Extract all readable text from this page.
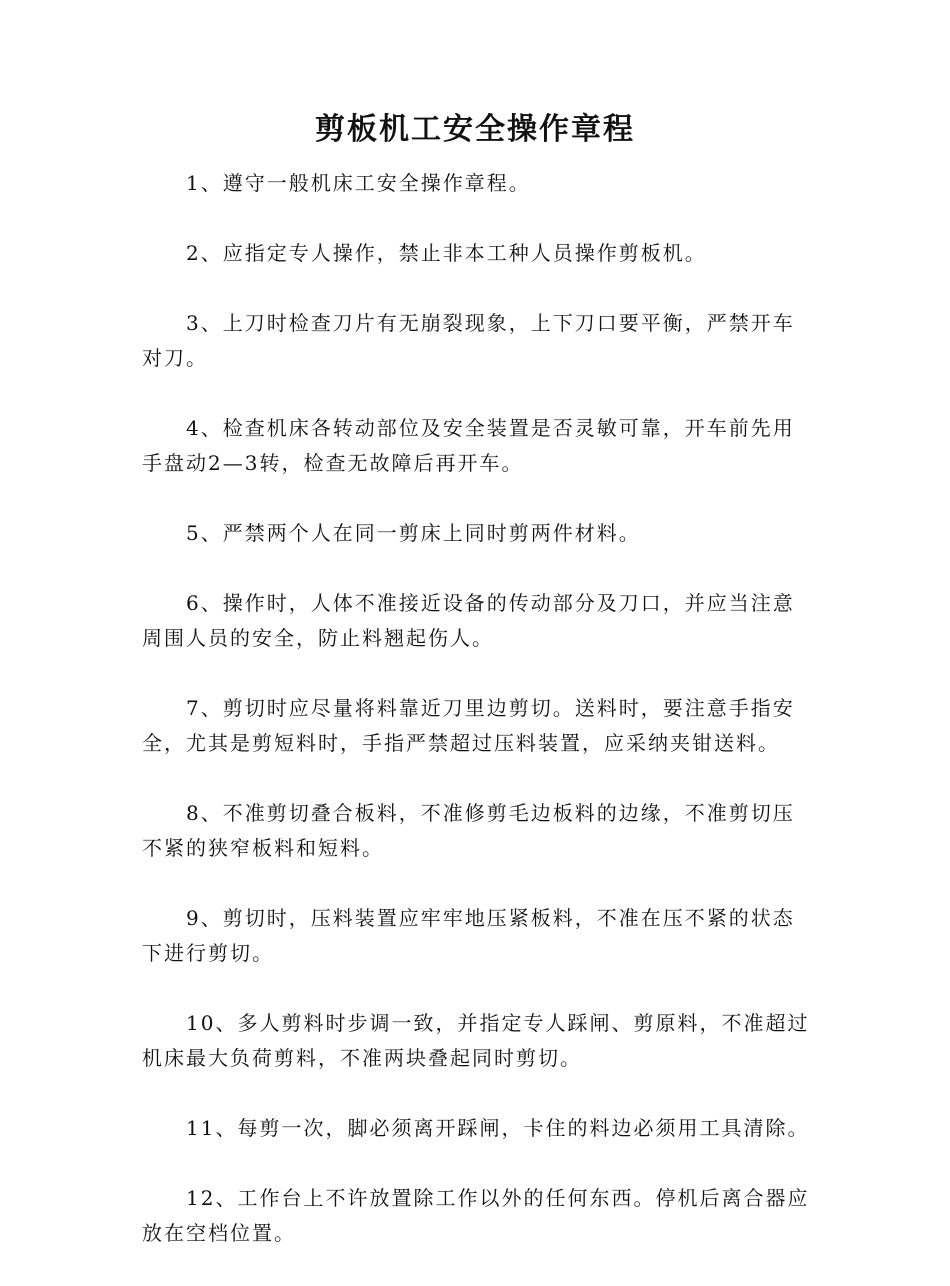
剪板机工安全操作章程

1、遵守一般机床工安全操作章程。

2、应指定专人操作，禁止非本工种人员操作剪板机。

3、上刀时检查刀片有无崩裂现象，上下刀口要平衡，严禁开车对刀。

4、检查机床各转动部位及安全装置是否灵敏可靠，开车前先用手盘动2—3转，检查无故障后再开车。

5、严禁两个人在同一剪床上同时剪两件材料。

6、操作时，人体不准接近设备的传动部分及刀口，并应当注意周围人员的安全，防止料翘起伤人。

7、剪切时应尽量将料靠近刀里边剪切。送料时，要注意手指安全，尤其是剪短料时，手指严禁超过压料装置，应采纳夹钳送料。

8、不准剪切叠合板料，不准修剪毛边板料的边缘，不准剪切压不紧的狭窄板料和短料。

9、剪切时，压料装置应牢牢地压紧板料，不准在压不紧的状态下进行剪切。

10、多人剪料时步调一致，并指定专人踩闸、剪原料，不准超过机床最大负荷剪料，不准两块叠起同时剪切。

11、每剪一次，脚必须离开踩闸，卡住的料边必须用工具清除。

12、工作台上不许放置除工作以外的任何东西。停机后离合器应放在空档位置。
